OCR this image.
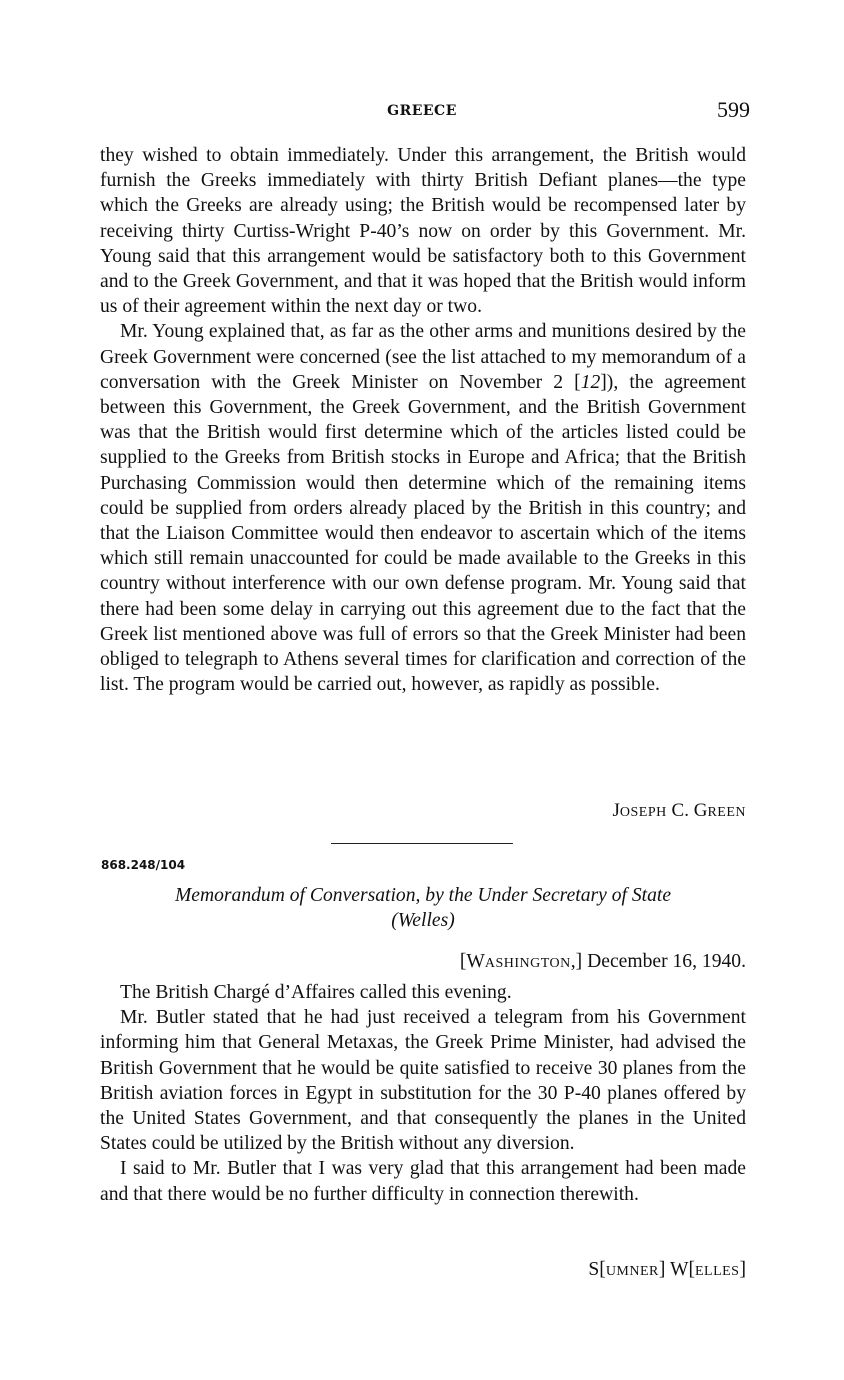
GREECE	599

they wished to obtain immediately. Under this arrangement, the British would furnish the Greeks immediately with thirty British Defiant planes—the type which the Greeks are already using; the British would be recompensed later by receiving thirty Curtiss-Wright P-40’s now on order by this Government. Mr. Young said that this arrangement would be satisfactory both to this Government and to the Greek Government, and that it was hoped that the British would inform us of their agreement within the next day or two.

Mr. Young explained that, as far as the other arms and munitions desired by the Greek Government were concerned (see the list attached to my memorandum of a conversation with the Greek Minister on November 2 [12]), the agreement between this Government, the Greek Government, and the British Government was that the British would first determine which of the articles listed could be supplied to the Greeks from British stocks in Europe and Africa; that the British Purchasing Commission would then determine which of the remaining items could be supplied from orders already placed by the British in this country; and that the Liaison Committee would then endeavor to ascertain which of the items which still remain unaccounted for could be made available to the Greeks in this country without interference with our own defense program. Mr. Young said that there had been some delay in carrying out this agreement due to the fact that the Greek list mentioned above was full of errors so that the Greek Minister had been obliged to telegraph to Athens several times for clarification and correction of the list. The program would be carried out, however, as rapidly as possible.

JOSEPH C. GREEN
868.248/104
Memorandum of Conversation, by the Under Secretary of State
(Welles)
[WASHINGTON,] December 16, 1940.

The British Chargé d’Affaires called this evening.

Mr. Butler stated that he had just received a telegram from his Government informing him that General Metaxas, the Greek Prime Minister, had advised the British Government that he would be quite satisfied to receive 30 planes from the British aviation forces in Egypt in substitution for the 30 P-40 planes offered by the United States Government, and that consequently the planes in the United States could be utilized by the British without any diversion.

I said to Mr. Butler that I was very glad that this arrangement had been made and that there would be no further difficulty in connection therewith.

S[UMNER] W[ELLES]
